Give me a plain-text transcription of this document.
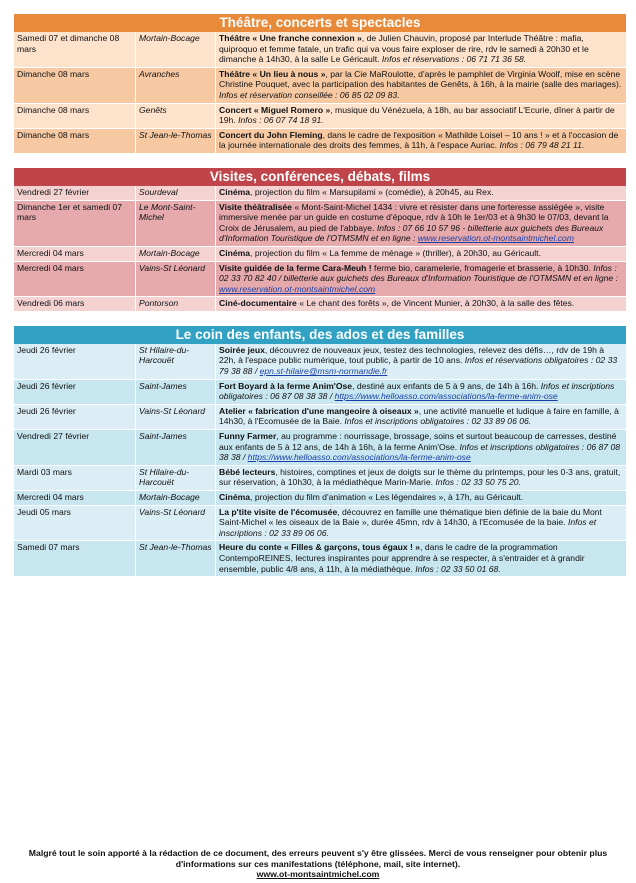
Théâtre, concerts et spectacles
Samedi 07 et dimanche 08 mars	Mortain-Bocage	Théâtre « Une franche connexion », de Julien Chauvin, proposé par Interlude Théâtre : mafia, quiproquo et femme fatale, un trafic qui va vous faire exploser de rire, rdv le samedi à 20h30 et le dimanche à 14h30, à la salle Le Géricault. Infos et réservations : 06 71 71 36 58.
Dimanche 08 mars	Avranches	Théâtre « Un lieu à nous », par la Cie MaRoulotte, d'après le pamphlet de Virginia Woolf, mise en scène Christine Pouquet, avec la participation des habitantes de Genêts, à 16h, à la mairie (salle des mariages). Infos et réservation conseillée : 06 85 02 09 83.
Dimanche 08 mars	Genêts	Concert « Miguel Romero », musique du Vénézuela, à 18h, au bar associatif L'Ecurie, dîner à partir de 19h. Infos : 06 07 74 18 91.
Dimanche 08 mars	St Jean-le-Thomas	Concert du John Fleming, dans le cadre de l'exposition « Mathilde Loisel – 10 ans ! » et à l'occasion de la journée internationale des droits des femmes, à 11h, à l'espace Auriac. Infos : 06 79 48 21 11.
Visites, conférences, débats, films
Vendredi 27 février	Sourdeval	Cinéma, projection du film « Marsupilami » (comédie), à 20h45, au Rex.
Dimanche 1er et samedi 07 mars	Le Mont-Saint-Michel	Visite théâtralisée « Mont-Saint-Michel 1434 : vivre et résister dans une forteresse assiégée », visite immersive menée par un guide en costume d'époque, rdv à 10h le 1er/03 et à 9h30 le 07/03, devant la Croix de Jérusalem, au pied de l'abbaye. Infos : 07 66 10 57 96 - billetterie aux guichets des Bureaux d'Information Touristique de l'OTMSMN et en ligne : www.reservation.ot-montsaintmichel.com
Mercredi 04 mars	Mortain-Bocage	Cinéma, projection du film « La femme de ménage » (thriller), à 20h30, au Géricault.
Mercredi 04 mars	Vains-St Léonard	Visite guidée de la ferme Cara-Meuh ! ferme bio, caramelerie, fromagerie et brasserie, à 10h30. Infos : 02 33 70 82 40 / billetterie aux guichets des Bureaux d'Information Touristique de l'OTMSMN et en ligne : www.reservation.ot-montsaintmichel.com
Vendredi 06 mars	Pontorson	Ciné-documentaire « Le chant des forêts », de Vincent Munier, à 20h30, à la salle des fêtes.
Le coin des enfants, des ados et des familles
Jeudi 26 février	St Hilaire-du-Harcouët	Soirée jeux, découvrez de nouveaux jeux, testez des technologies, relevez des défis…, rdv de 19h à 22h, à l'espace public numérique, tout public, à partir de 10 ans. Infos et réservations obligatoires : 02 33 79 38 88 / epn.st-hilaire@msm-normandie.fr
Jeudi 26 février	Saint-James	Fort Boyard à la ferme Anim'Ose, destiné aux enfants de 5 à 9 ans, de 14h à 16h. Infos et inscriptions obligatoires : 06 87 08 38 38 / https://www.helloasso.com/associations/la-ferme-anim-ose
Jeudi 26 février	Vains-St Léonard	Atelier « fabrication d'une mangeoire à oiseaux », une activité manuelle et ludique à faire en famille, à 14h30, à l'Ecomusée de la Baie. Infos et inscriptions obligatoires : 02 33 89 06 06.
Vendredi 27 février	Saint-James	Funny Farmer, au programme : nourrissage, brossage, soins et surtout beaucoup de carresses, destiné aux enfants de 5 à 12 ans, de 14h à 16h, à la ferme Anim'Ose. Infos et inscriptions obligatoires : 06 87 08 38 38 / https://www.helloasso.com/associations/la-ferme-anim-ose
Mardi 03 mars	St Hilaire-du-Harcouët	Bébé lecteurs, histoires, comptines et jeux de doigts sur le thème du printemps, pour les 0-3 ans, gratuit, sur réservation, à 10h30, à la médiathèque Marin-Marie. Infos : 02 33 50 75 20.
Mercredi 04 mars	Mortain-Bocage	Cinéma, projection du film d'animation « Les légendaires », à 17h, au Géricault.
Jeudi 05 mars	Vains-St Léonard	La p'tite visite de l'écomusée, découvrez en famille une thématique bien définie de la baie du Mont Saint-Michel « les oiseaux de la Baie », durée 45mn, rdv à 14h30, à l'Ecomusée de la baie. Infos et inscriptions : 02 33 89 06 06.
Samedi 07 mars	St Jean-le-Thomas	Heure du conte « Filles & garçons, tous égaux ! », dans le cadre de la programmation ContempoREINES, lectures inspirantes pour apprendre à se respecter, à s'entraider et à grandir ensemble, public 4/8 ans, à 11h, à la médiathèque. Infos : 02 33 50 01 68.
Malgré tout le soin apporté à la rédaction de ce document, des erreurs peuvent s'y être glissées. Merci de vous renseigner pour obtenir plus d'informations sur ces manifestations (téléphone, mail, site internet).
www.ot-montsaintmichel.com
